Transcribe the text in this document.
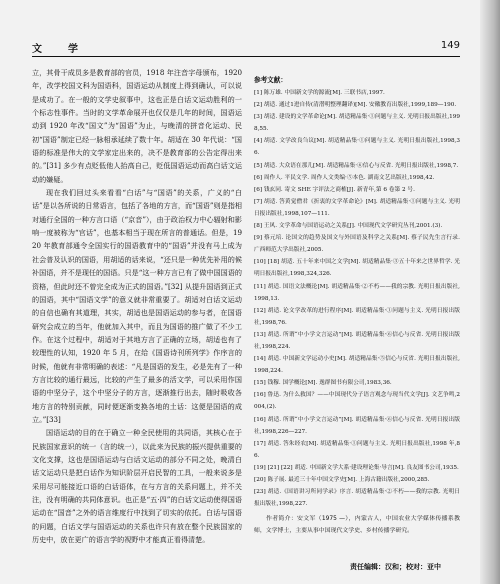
文　学	149

立，其骨干成员多是教育部的官员，1918 年注音字母颁布，1920 年，改学校国文科为国语科，国语运动从制度上得到确认，可以说是成功了。在一般的文学史叙事中，这也正是白话文运动胜利的一个标志性事件。当时的文学革命展开也仅仅是几年的时间，国语运动到 1920 年改“国文”为“国语”为止，与晚清的拼音化运动、民初“国语”制定已经一脉相承延续了数十年。胡适在 30 年代说：“国语的标准是伟大的文学家定出来的，决不是教育部的公告定得出来的。”[31] 多少有点贬低他人抬高自己，贬低国语运动而高白话文运动的嫌疑。

现在我们回过头来看看“白话”与“国语”的关系，广义的“白话”是以各所说的日常语言，包括了各地的方言，而“国语”则是指相对通行全国的一种方言口语（“京音”），由于政治权力中心辐射和影响一度被称为“官话”，也基本相当于现在所言的普通话。但是，1920 年教育部通令全国实行的国语教育中的“国语”并没有马上成为社会普及认识的国语，用胡适的话来说，“还只是一种优先补用的候补国语，并不是现任的国语。只是“这一种方言已有了做中国国语的资格，但此时还不曾完全成为正式的国语。”[32] 从提升国语到正式的国语，其中“国语文学”的意义就非常重要了。胡适对白话文运动的自信也确有其道理，其实，胡适也是国语运动的参与者，在国语研究会成立的当年，他就加入其中，而且为国语的推广做了不少工作。在这个过程中，胡适对于其地方言了正确的立场，胡适也有了较理性的认知，1920 年 5 月，在给《国语诗刊所列学》作序言的时候，他就有非常明确的表述：“凡是国语的发生，必是先有了一种方言比较的通行最远，比较的产生了最多的活文学，可以采用作国语的中坚分子，这个中坚分子的方言，逐渐推行出去，随时吸收各地方言的特别贡献，同时便逐渐变换各地的土话：这便是国语的成立。”[33]

国语运动的目的在于确立一种全民使用的共同语，其核心在于民族国家意识的统一（言的统一），以此来为民族的振兴提供重要的文化支撑，这也是国语运动与白话文运动的部分不同之处，晚清白话文运动只是把白话作为知识阶层开启民智的工具，一般来说多是采用尽可能接近口语的白话语体，在与方言的关系问题上，并不关注，没有明确的共同体意识。也正是“五·四”的白话文运动使得国语运动在“国音”之外的语言维度行中找到了切实的依托。白话与国语的问题，白话文学与国语运动的关系也许只有放在整个民族国家的历史中，放在更广的语言学的视野中才能真正看得清楚。

参考文献：

[1] 陈万雄. 中国新文学的源流[M]. 三联书店,1997.

[2] 胡适. 通过1进自传(清潜明整理翻译)[M]. 安徽教育出版社,1999,189—190.

[3] 胡适. 建设的文学革命论[M]. 胡适精品集·①问题与主义. 光明日报出版社,1998,55.

[4] 胡适. 文学改良刍议[M]. 胡适精品集·①问题与主义. 光明日报出版社,1998,36.

[5] 胡适. 大众语在那儿[M]. 胡适精品集·⑥信心与反省. 光明日报出版社,1998,7.

[6] 周作人. 平民文学. 周作人文类编·⑤本色. 湖南文艺出版社,1998,42.

[6] 钱玄同. 寄文 SHE 字评法之商榷[J]. 新青年,第 6 卷第 2 号.

[7] 胡适. 答黄觉僧君《折衷的文学革命论》[M]. 胡适精品集·①问题与主义. 光明日报出版社,1998,107—111.

[8] 王风. 文学革命与国语运动之关系[J]. 中国现代文学研究丛刊,2001.(3).

[9] 蔡元培. 论国文的趋势及国文与外国语及科学之关系[M]. 蔡子民先生言行录. 广西师范大学出版社,2005.

[10] [18] 胡适. 五十年来中国之文学[M]. 胡适精品集·③五十年来之世界哲学. 光明日报出版社,1998,324,326.

[11] 胡适. 国语文法概论[M]. 胡适精品集·②不朽——我的宗教. 光明日报出版社,1998,13.

[12] 胡适. 论文学改革的进行程序[M]. 胡适精品集·①问题与主义. 光明日报出版社,1998,76.

[13] 胡适. 所谓“中小学文言运动”[M]. 胡适精品集·⑥信心与反省. 光明日报出版社,1998,224.

[14] 胡适. 中国新文学运动小史[M]. 胡适精品集·⑤信心与反省. 光明日报出版社,1998,224.

[15] 钱穆. 国学概论[M]. 逸群图书有限公司,1983,36.

[16] 鲁迅. 为什么救国？——中国现代分子语言观念与现当代文学[J]. 文艺争鸣,2004,(2).

[16] 胡适. 所谓“中小学文言运动”[M]. 胡适精品集·⑥信心与反省. 光明日报出版社,1998,226—227.

[17] 胡适. 答朱经农[M]. 胡适精品集·①问题与主义. 光明日报出版社,1998 年,86.

[19] [21] [22] 胡适. 中国新文学大系·建设理论集·导言[M]. 良友图书公司,1935.

[20] 陈子展. 最近三十年中国文学史[M]. 上海古籍出版社,2000,285.

[23] 胡适.《国语讲习所同学录》序言. 胡适精品集·②不朽——我的宗教. 光明日报出版社,1998,227.

作者简介：安文军（1975 —），内蒙古人，中国农业大学媒体传播系教师，文学博士，主要从事中国现代文学史、乡村传播学研究。

责任编辑：汉和；校对：亚中
